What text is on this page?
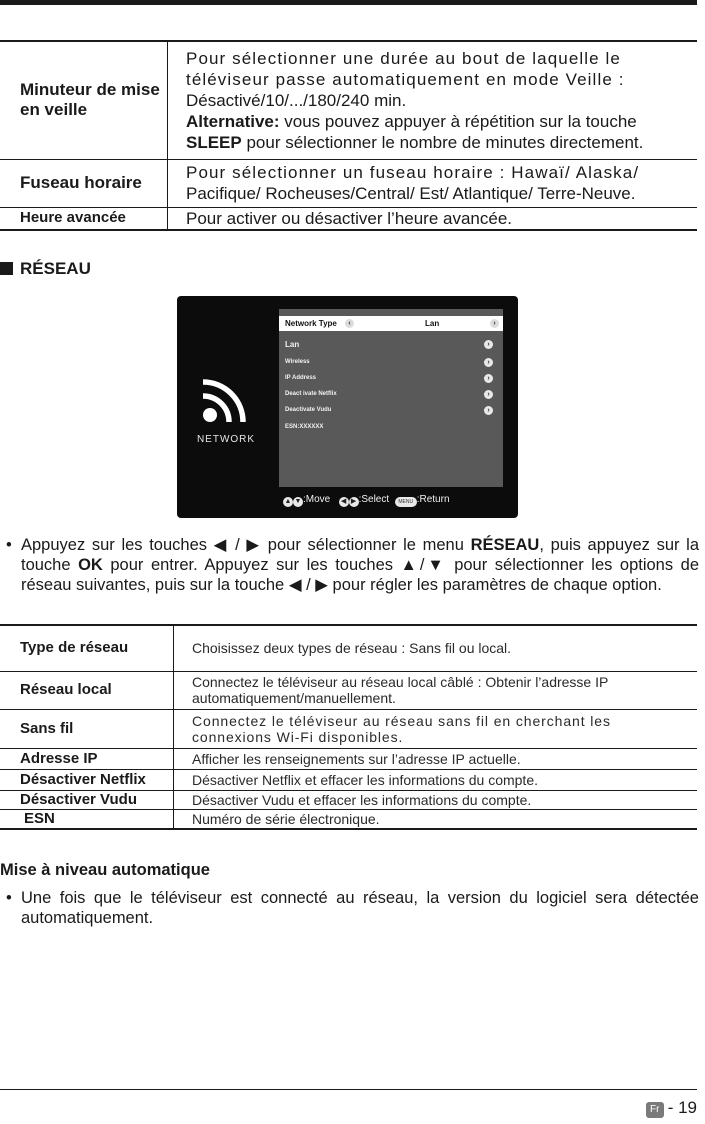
Minuteur de mise en veille	Pour sélectionner une durée au bout de laquelle le
téléviseur passe automatiquement en mode Veille :
Désactivé/10/.../180/240 min.
Alternative: vous pouvez appuyer à répétition sur la touche
SLEEP pour sélectionner le nombre de minutes directement.

Fuseau horaire	Pour sélectionner un fuseau horaire : Hawaï/ Alaska/
Pacifique/ Rocheuses/Central/ Est/ Atlantique/ Terre-Neuve.

Heure avancée	Pour activer ou désactiver l’heure avancée.
RÉSEAU
NETWORK
Network Type	‹	Lan	›
Lan	›
Wireless	›
IP Address	›
Deact ivate Netflix	›
Deactivate Vudu	›
ESN:XXXXXX
▲ ▼ :Move ◀ ▶ :Select MENU :Return
• Appuyez sur les touches ◀ / ▶ pour sélectionner le menu RÉSEAU, puis appuyez sur la touche OK pour entrer. Appuyez sur les touches ▲/▼ pour sélectionner les options de réseau suivantes, puis sur la touche ◀ / ▶ pour régler les paramètres de chaque option.
Type de réseau	Choisissez deux types de réseau : Sans fil ou local.
Réseau local	Connectez le téléviseur au réseau local câblé : Obtenir l’adresse IP automatiquement/manuellement.
Sans fil	Connectez le téléviseur au réseau sans fil en cherchant les connexions Wi-Fi disponibles.
Adresse IP	Afficher les renseignements sur l’adresse IP actuelle.
Désactiver Netflix	Désactiver Netflix et effacer les informations du compte.
Désactiver Vudu	Désactiver Vudu et effacer les informations du compte.
ESN	Numéro de série électronique.
Mise à niveau automatique
• Une fois que le téléviseur est connecté au réseau, la version du logiciel sera détectée automatiquement.
Fr - 19
